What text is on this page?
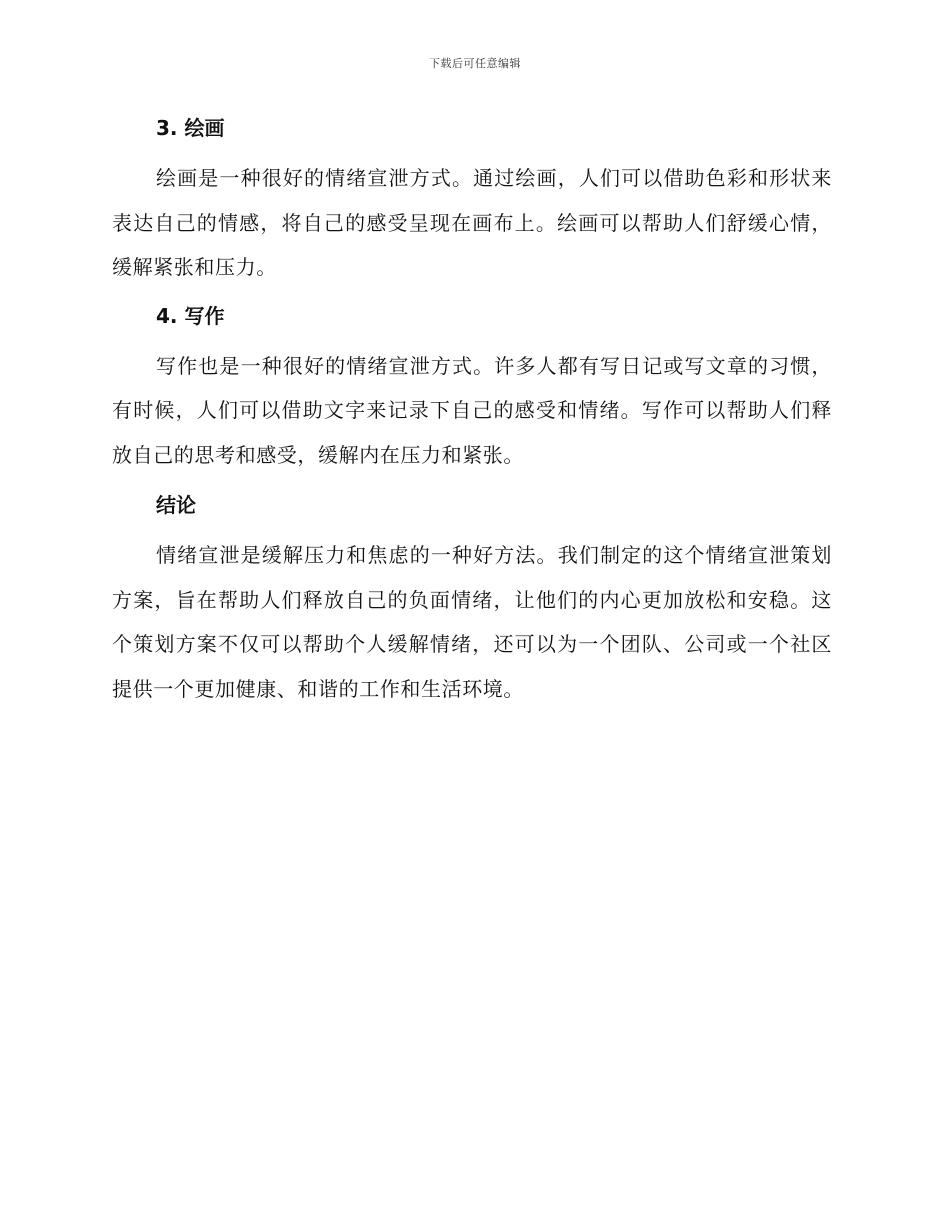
下载后可任意编辑
3. 绘画

绘画是一种很好的情绪宣泄方式。通过绘画，人们可以借助色彩和形状来表达自己的情感，将自己的感受呈现在画布上。绘画可以帮助人们舒缓心情，缓解紧张和压力。

4. 写作

写作也是一种很好的情绪宣泄方式。许多人都有写日记或写文章的习惯，有时候，人们可以借助文字来记录下自己的感受和情绪。写作可以帮助人们释放自己的思考和感受，缓解内在压力和紧张。

结论

情绪宣泄是缓解压力和焦虑的一种好方法。我们制定的这个情绪宣泄策划方案，旨在帮助人们释放自己的负面情绪，让他们的内心更加放松和安稳。这个策划方案不仅可以帮助个人缓解情绪，还可以为一个团队、公司或一个社区提供一个更加健康、和谐的工作和生活环境。
